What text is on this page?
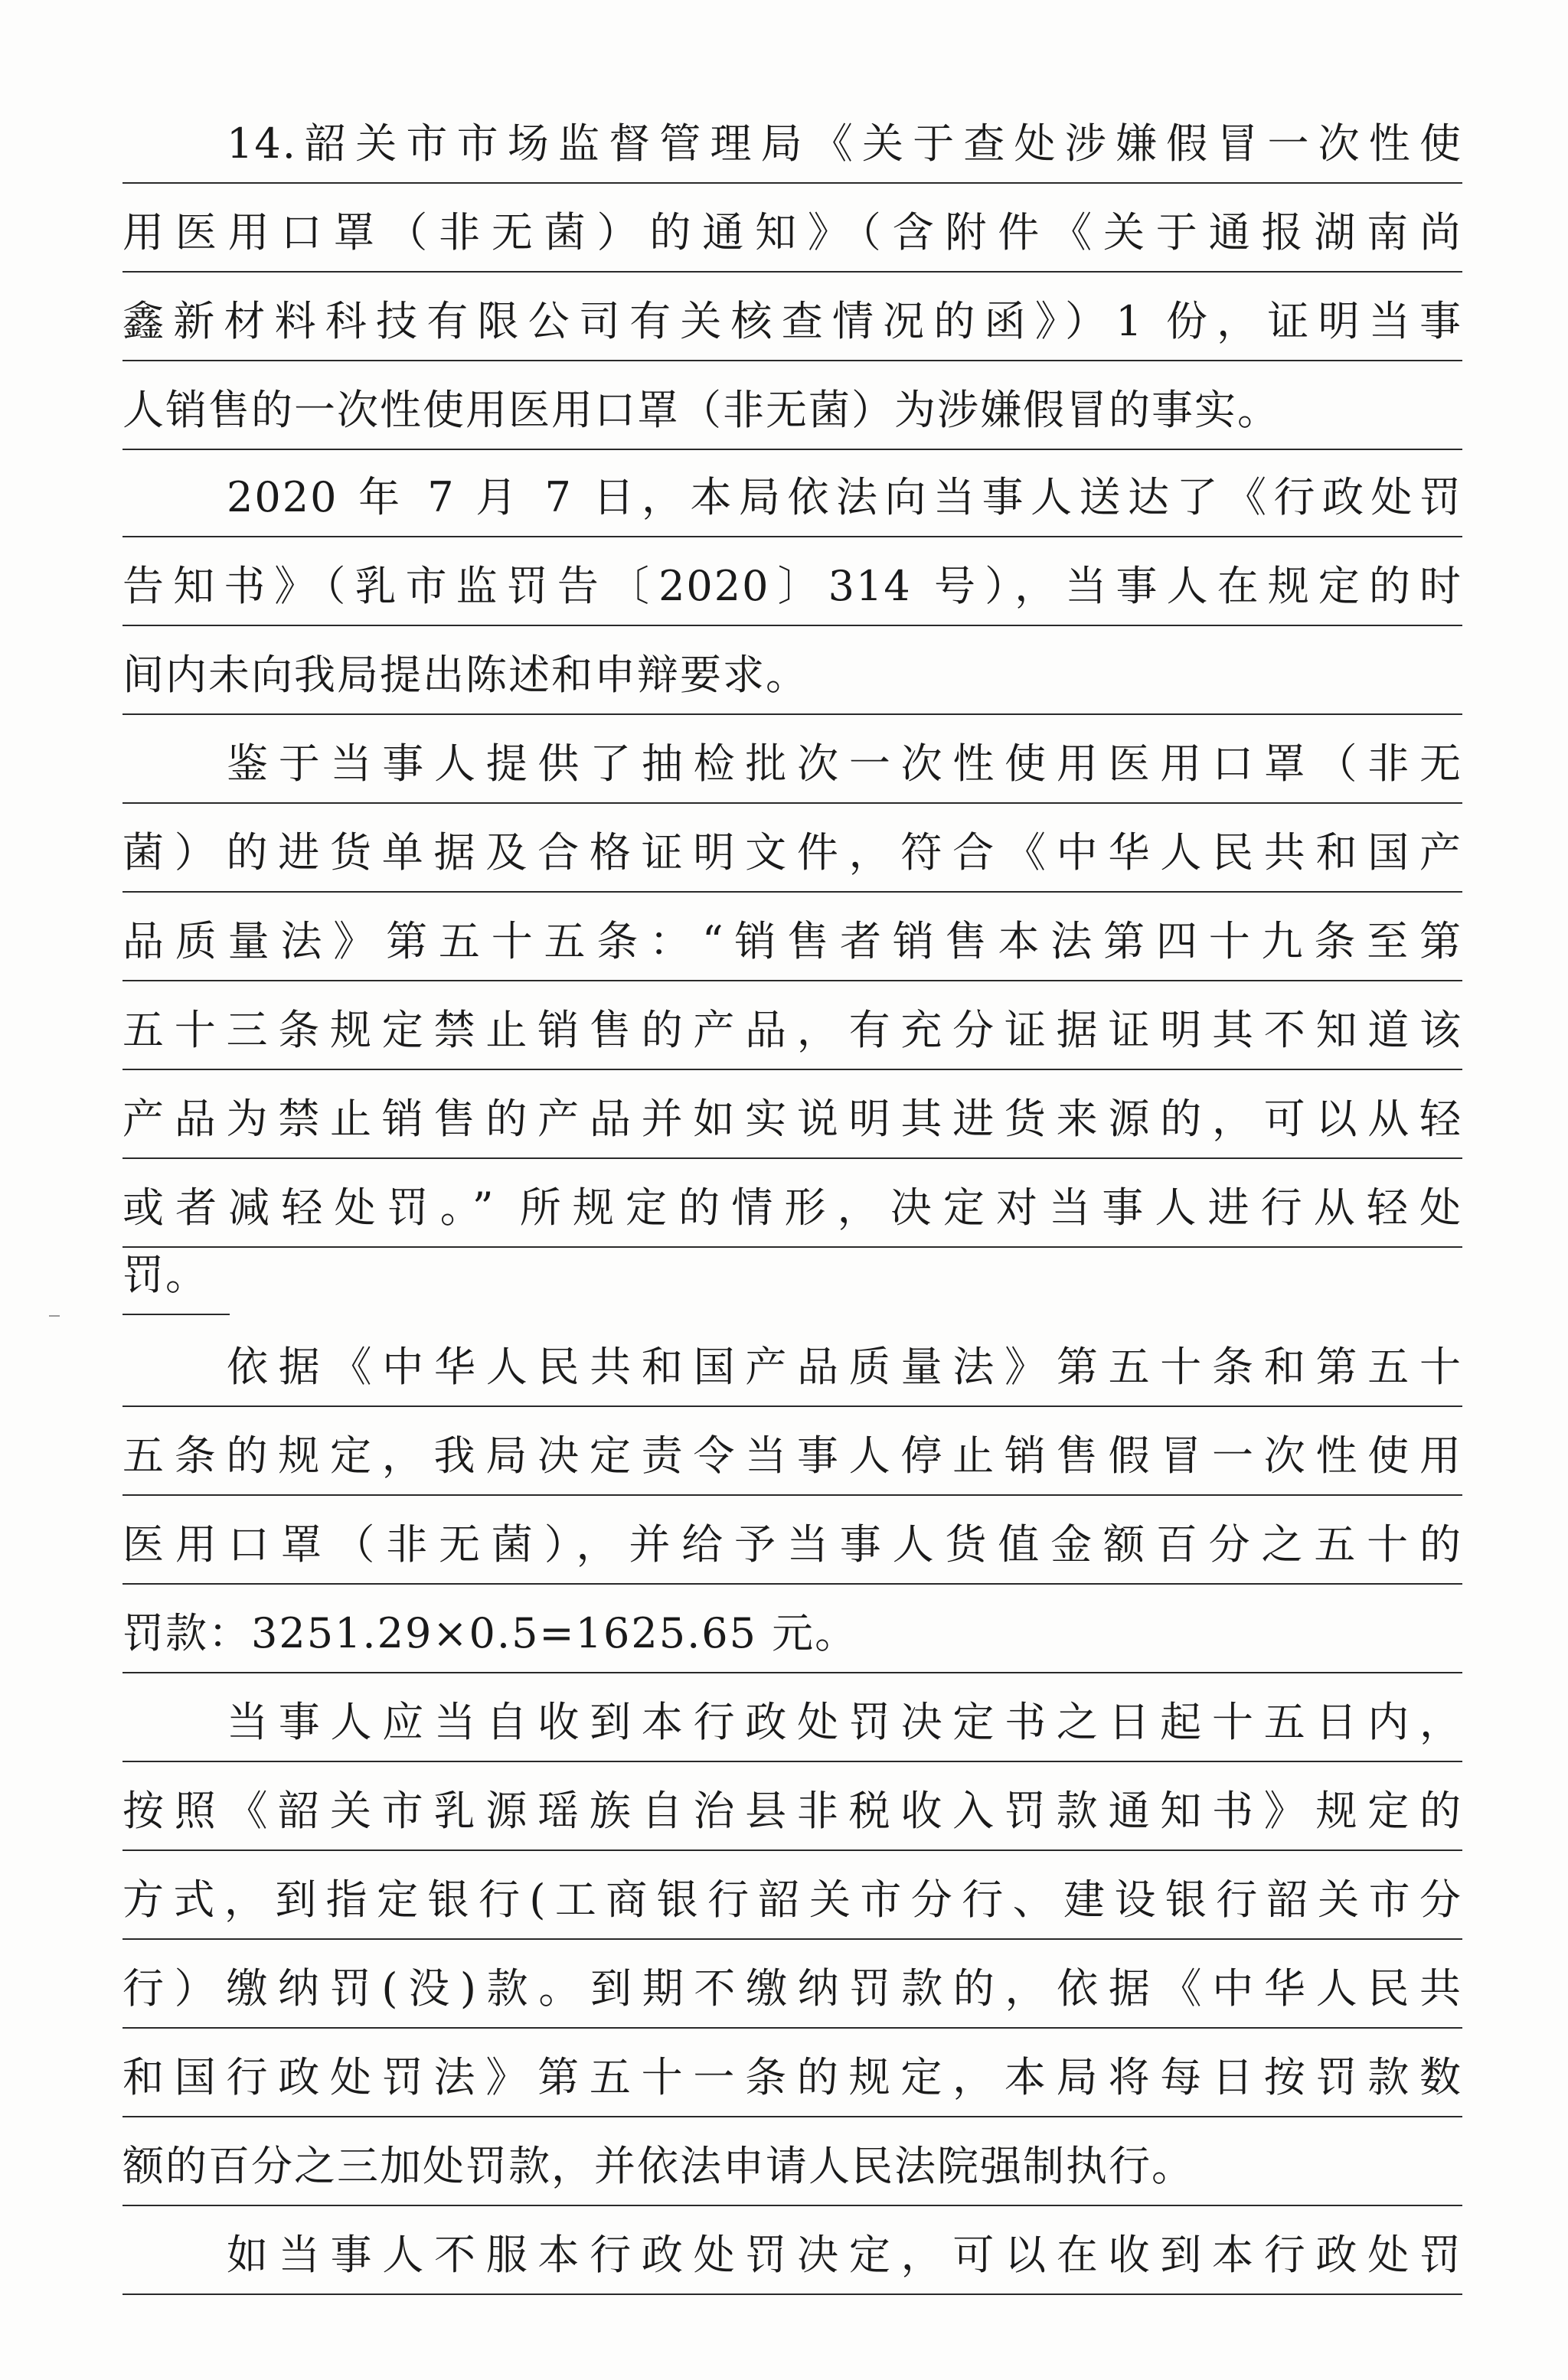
14.韶关市市场监督管理局《关于查处涉嫌假冒一次性使
用医用口罩（非无菌）的通知》（含附件《关于通报湖南尚
鑫新材料科技有限公司有关核查情况的函》）1 份，证明当事
人销售的一次性使用医用口罩（非无菌）为涉嫌假冒的事实。
2020 年 7 月 7 日，本局依法向当事人送达了《行政处罚
告知书》（乳市监罚告〔2020〕314 号），当事人在规定的时
间内未向我局提出陈述和申辩要求。
鉴于当事人提供了抽检批次一次性使用医用口罩（非无
菌）的进货单据及合格证明文件，符合《中华人民共和国产
品质量法》第五十五条：“销售者销售本法第四十九条至第
五十三条规定禁止销售的产品，有充分证据证明其不知道该
产品为禁止销售的产品并如实说明其进货来源的，可以从轻
或者减轻处罚。” 所规定的情形，决定对当事人进行从轻处
罚。
依据《中华人民共和国产品质量法》第五十条和第五十
五条的规定，我局决定责令当事人停止销售假冒一次性使用
医用口罩（非无菌），并给予当事人货值金额百分之五十的
罚款：3251.29×0.5=1625.65 元。
当事人应当自收到本行政处罚决定书之日起十五日内，
按照《韶关市乳源瑶族自治县非税收入罚款通知书》规定的
方式，到指定银行(工商银行韶关市分行、建设银行韶关市分
行）缴纳罚(没)款。到期不缴纳罚款的，依据《中华人民共
和国行政处罚法》第五十一条的规定，本局将每日按罚款数
额的百分之三加处罚款，并依法申请人民法院强制执行。
如当事人不服本行政处罚决定，可以在收到本行政处罚
